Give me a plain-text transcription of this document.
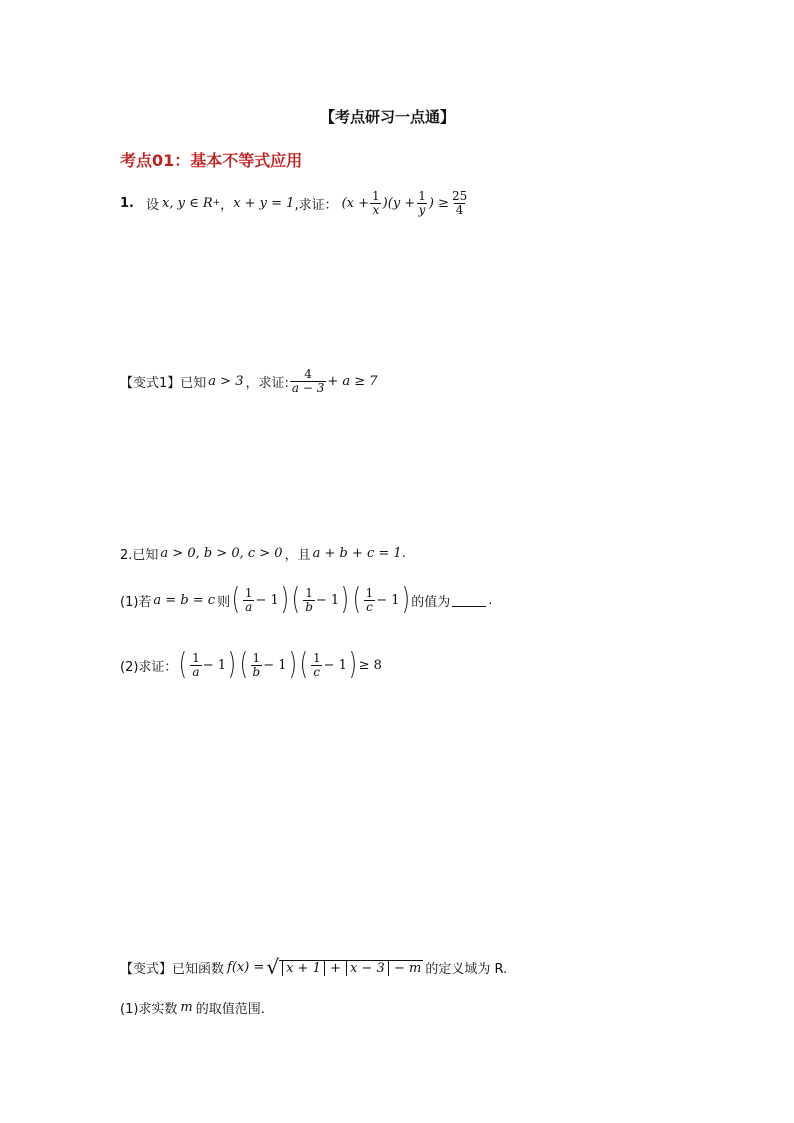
【考点研习一点通】
考点01：基本不等式应用
1. 设 x, y ∈ R + ， x + y = 1 ,求证： $(x + \frac{1}{x} )(y + \frac{1}{y}$ ) ≥ $\frac{25}{4}$
【变式1】 已知 a > 3 ，求证: $\frac{4}{a - 3} + a \ge 7$
2.已知 a > 0, b > 0, c > 0 ，且 a + b + c = 1 .
(1)若 a = b = c 则 ( $\frac{1}{a} - 1$ ) ( $\frac{1}{b} - 1$ ) ( $\frac{1}{c} - 1$ ) 的值为	.
(2)求证： ( $\frac{1}{a} - 1$ ) ( $\frac{1}{b} - 1$ ) ( $\frac{1}{c} - 1$ ) ≥ 8
【变式】 已知函数 f (x) = √ x + 1 + x − 3 − m 的定义域为 R.
(1)求实数 m 的取值范围.
